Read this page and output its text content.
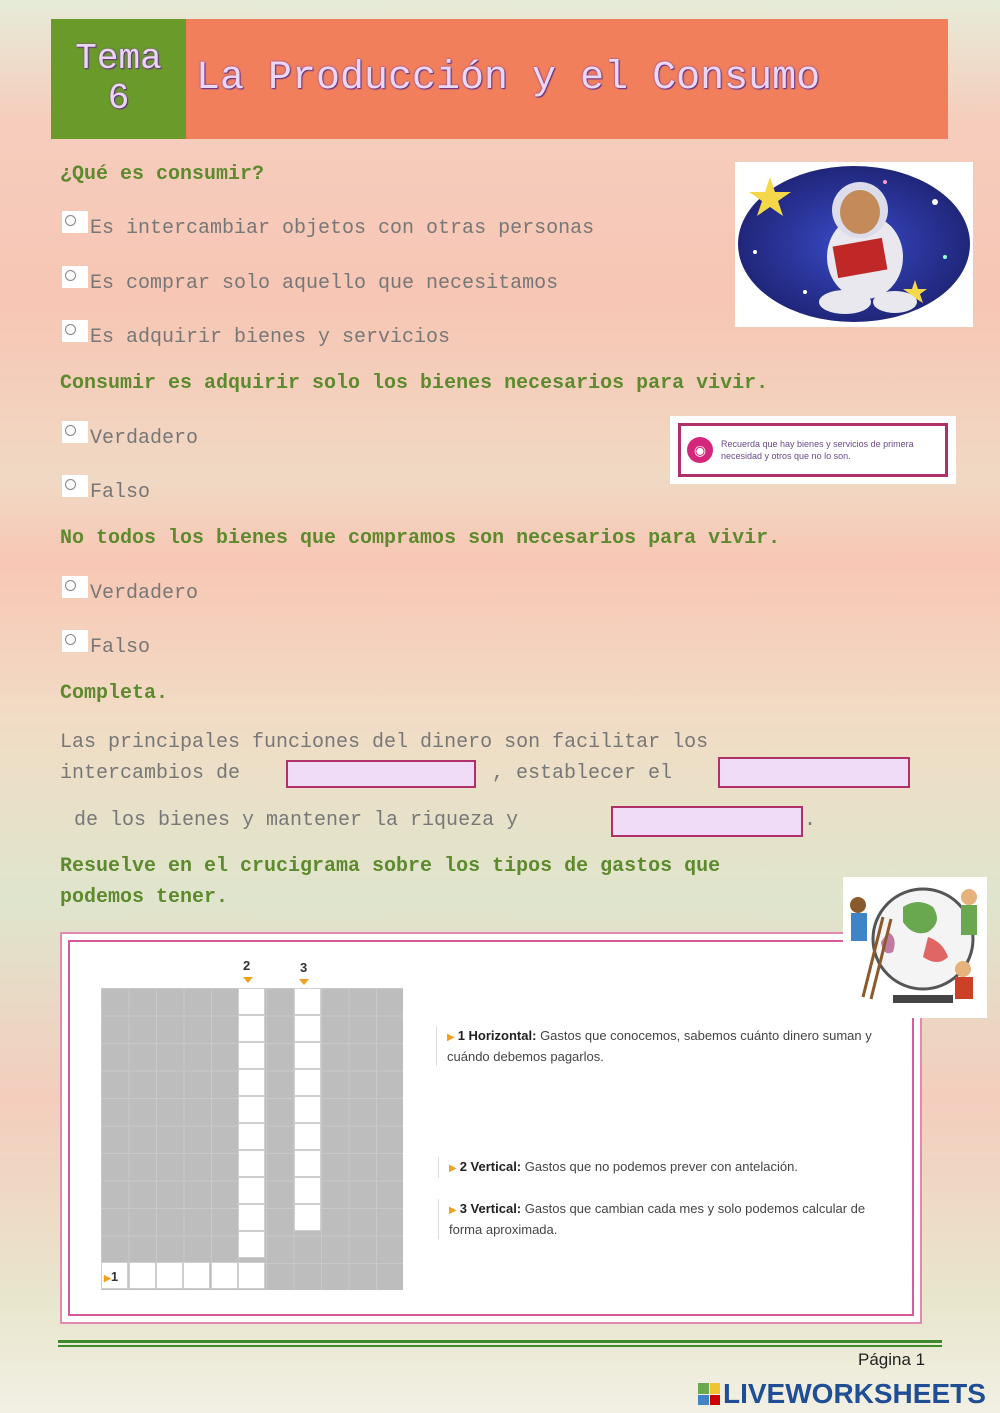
Tema
6	La Producción y el Consumo
¿Qué es consumir?
Es intercambiar objetos con otras personas
Es comprar solo aquello que necesitamos
Es adquirir bienes y servicios
Consumir es adquirir solo los bienes necesarios para vivir.
Verdadero
Falso
◉	Recuerda que hay bienes y servicios de primera necesidad y otros que no lo son.
No todos los bienes que compramos son necesarios para vivir.
Verdadero
Falso
Completa.
Las principales funciones del dinero son facilitar los
intercambios de	, establecer el
de los bienes y mantener la riqueza y	.
Resuelve en el crucigrama sobre los tipos de gastos que
podemos tener.
2	3
▶1
▶ 1 Horizontal: Gastos que conocemos, sabemos cuánto dinero suman y cuándo debemos pagarlos.
▶ 2 Vertical: Gastos que no podemos prever con antelación.
▶ 3 Vertical: Gastos que cambian cada mes y solo podemos calcular de forma aproximada.
Página 1
LIVEWORKSHEETS
